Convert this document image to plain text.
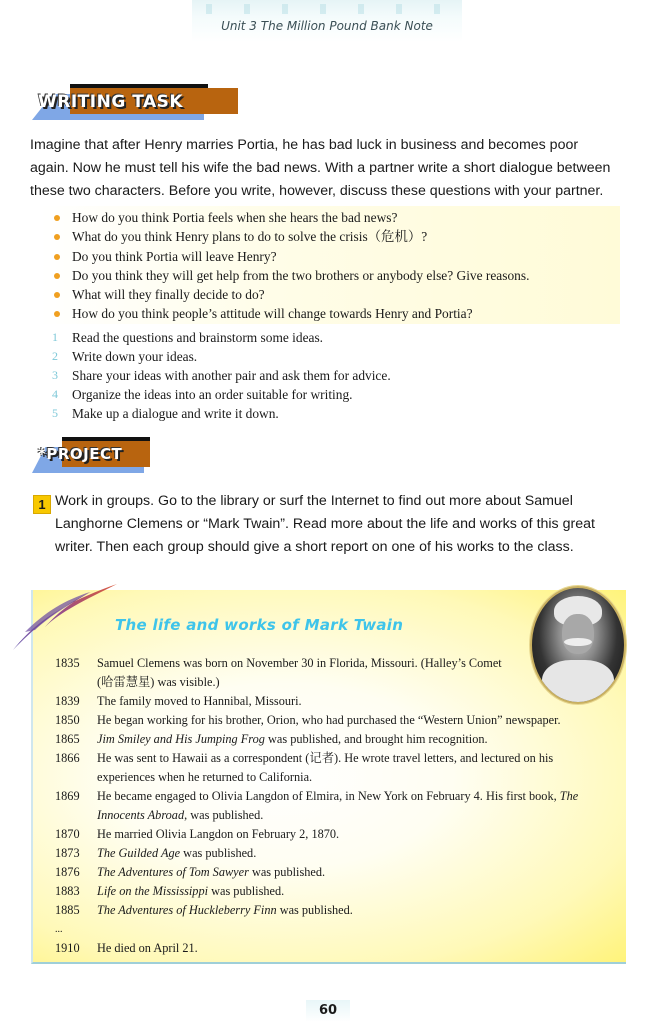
Unit 3 The Million Pound Bank Note
WRITING TASK
Imagine that after Henry marries Portia, he has bad luck in business and becomes poor
again. Now he must tell his wife the bad news. With a partner write a short dialogue between
these two characters. Before you write, however, discuss these questions with your partner.
How do you think Portia feels when she hears the bad news?
What do you think Henry plans to do to solve the crisis（危机）?
Do you think Portia will leave Henry?
Do you think they will get help from the two brothers or anybody else? Give reasons.
What will they finally decide to do?
How do you think people’s attitude will change towards Henry and Portia?
1 Read the questions and brainstorm some ideas.
2 Write down your ideas.
3 Share your ideas with another pair and ask them for advice.
4 Organize the ideas into an order suitable for writing.
5 Make up a dialogue and write it down.
*PROJECT
1 Work in groups. Go to the library or surf the Internet to find out more about Samuel
Langhorne Clemens or “Mark Twain”. Read more about the life and works of this great
writer. Then each group should give a short report on one of his works to the class.
The life and works of Mark Twain
1835	Samuel Clemens was born on November 30 in Florida, Missouri. (Halley’s Comet
(哈雷慧星) was visible.)
1839	The family moved to Hannibal, Missouri.
1850	He began working for his brother, Orion, who had purchased the “Western Union” newspaper.
1865	Jim Smiley and His Jumping Frog was published, and brought him recognition.
1866	He was sent to Hawaii as a correspondent (记者). He wrote travel letters, and lectured on his
experiences when he returned to California.
1869	He became engaged to Olivia Langdon of Elmira, in New York on February 4. His first book, The
Innocents Abroad, was published.
1870	He married Olivia Langdon on February 2, 1870.
1873	The Guilded Age was published.
1876	The Adventures of Tom Sawyer was published.
1883	Life on the Mississippi was published.
1885	The Adventures of Huckleberry Finn was published.
...
1910	He died on April 21.
60
